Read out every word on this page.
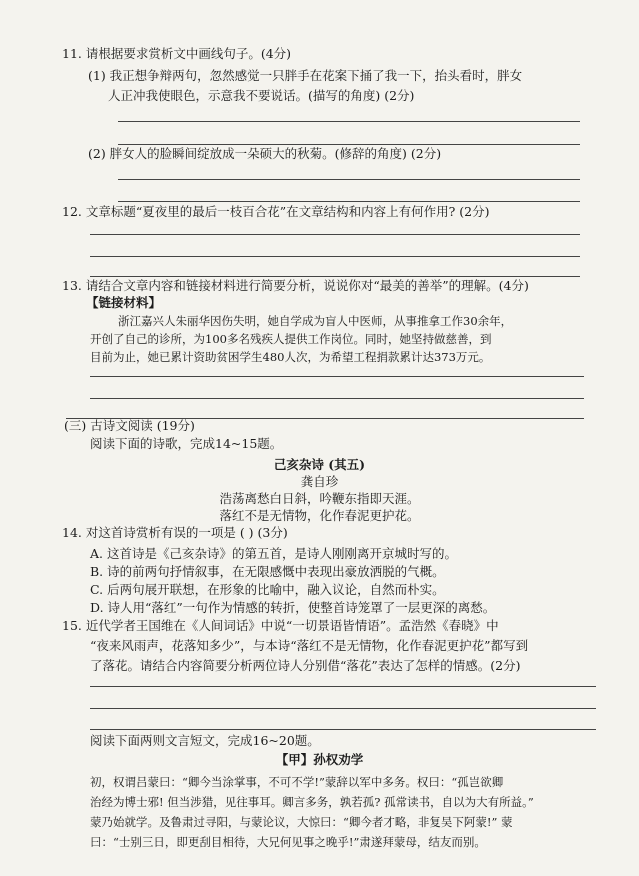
11. 请根据要求赏析文中画线句子。(4分)
(1) 我正想争辩两句，忽然感觉一只胖手在花案下捅了我一下，抬头看时，胖女
人正冲我使眼色，示意我不要说话。(描写的角度) (2分)
(2) 胖女人的脸瞬间绽放成一朵硕大的秋菊。(修辞的角度) (2分)
12. 文章标题“夏夜里的最后一枝百合花”在文章结构和内容上有何作用? (2分)
13. 请结合文章内容和链接材料进行简要分析，说说你对“最美的善举”的理解。(4分)
【链接材料】
浙江嘉兴人朱丽华因伤失明，她自学成为盲人中医师，从事推拿工作30余年，
开创了自己的诊所，为100多名残疾人提供工作岗位。同时，她坚持做慈善，到
目前为止，她已累计资助贫困学生480人次，为希望工程捐款累计达373万元。
(三) 古诗文阅读 (19分)
阅读下面的诗歌，完成14~15题。
己亥杂诗 (其五)
龚自珍
浩荡离愁白日斜，吟鞭东指即天涯。
落红不是无情物，化作春泥更护花。
14. 对这首诗赏析有误的一项是 ( ) (3分)
A. 这首诗是《己亥杂诗》的第五首，是诗人刚刚离开京城时写的。
B. 诗的前两句抒情叙事，在无限感慨中表现出豪放洒脱的气概。
C. 后两句展开联想，在形象的比喻中，融入议论，自然而朴实。
D. 诗人用“落红”一句作为情感的转折，使整首诗笼罩了一层更深的离愁。
15. 近代学者王国维在《人间词话》中说“一切景语皆情语”。孟浩然《春晓》中
“夜来风雨声，花落知多少”，与本诗“落红不是无情物，化作春泥更护花”都写到
了落花。请结合内容简要分析两位诗人分别借“落花”表达了怎样的情感。(2分)
阅读下面两则文言短文，完成16~20题。
【甲】孙权劝学
初，权谓吕蒙曰：“卿今当涂掌事，不可不学!”蒙辞以军中多务。权曰：“孤岂欲卿
治经为博士邪! 但当涉猎，见往事耳。卿言多务，孰若孤? 孤常读书，自以为大有所益。”
蒙乃始就学。及鲁肃过寻阳，与蒙论议，大惊曰：“卿今者才略，非复吴下阿蒙!” 蒙
曰：“士别三日，即更刮目相待，大兄何见事之晚乎!”肃遂拜蒙母，结友而别。
